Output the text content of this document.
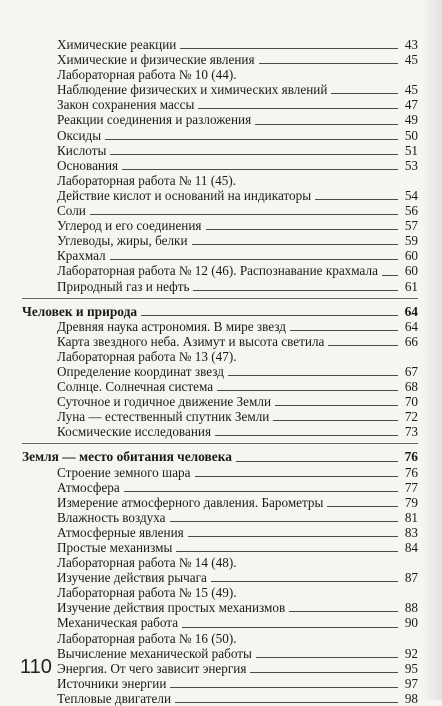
Химические реакции	43
Химические и физические явления	45
Лабораторная работа № 10 (44).
Наблюдение физических и химических явлений	45
Закон сохранения массы	47
Реакции соединения и разложения	49
Оксиды	50
Кислоты	51
Основания	53
Лабораторная работа № 11 (45).
Действие кислот и оснований на индикаторы	54
Соли	56
Углерод и его соединения	57
Углеводы, жиры, белки	59
Крахмал	60
Лабораторная работа № 12 (46). Распознавание крахмала 60
Природный газ и нефть	61
Человек и природа	64
Древняя наука астрономия. В мире звезд	64
Карта звездного неба. Азимут и высота светила	66
Лабораторная работа № 13 (47).
Определение координат звезд	67
Солнце. Солнечная система	68
Суточное и годичное движение Земли	70
Луна — естественный спутник Земли	72
Космические исследования	73
Земля — место обитания человека	76
Строение земного шара	76
Атмосфера	77
Измерение атмосферного давления. Барометры	79
Влажность воздуха	81
Атмосферные явления	83
Простые механизмы	84
Лабораторная работа № 14 (48).
Изучение действия рычага	87
Лабораторная работа № 15 (49).
Изучение действия простых механизмов	88
Механическая работа	90
Лабораторная работа № 16 (50).
Вычисление механической работы	92
Энергия. От чего зависит энергия	95
Источники энергии	97
Тепловые двигатели	98
110
